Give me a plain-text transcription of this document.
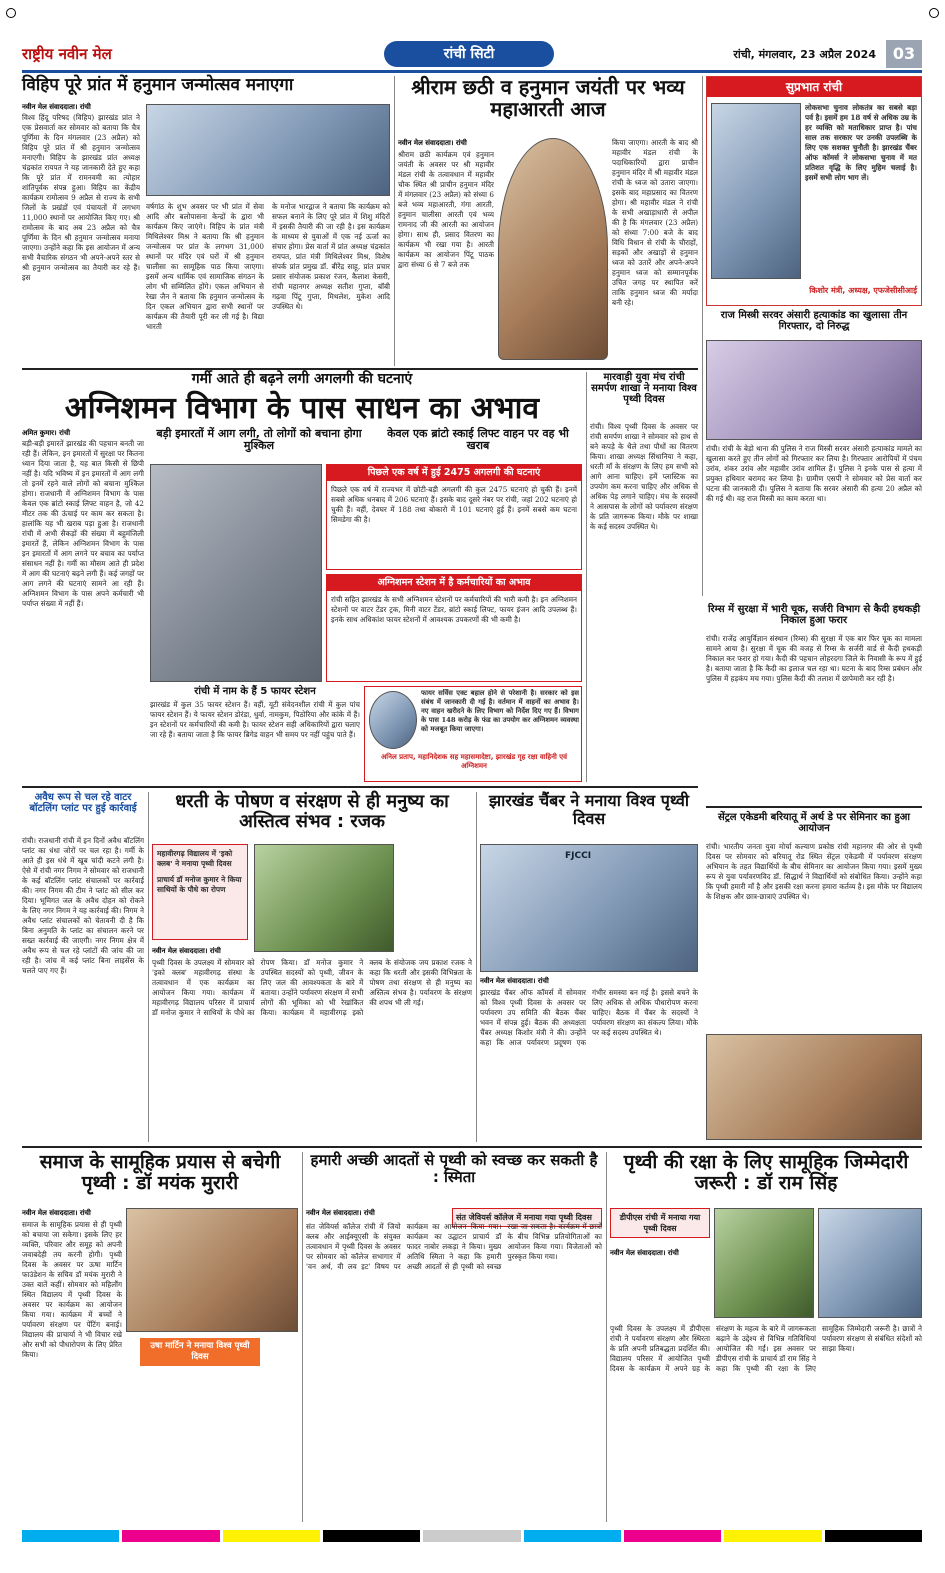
राष्ट्रीय नवीन मेल	रांची सिटी	रांची, मंगलवार, 23 अप्रैल 2024	03
विहिप पूरे प्रांत में हनुमान जन्मोत्सव मनाएगा
नवीन मेल संवाददाता। रांची
विश्व हिंदू परिषद (विहिप) झारखंड प्रांत ने एक प्रेसवार्ता कर सोमवार को बताया कि चैत्र पूर्णिमा के दिन मंगलवार (23 अप्रैल) को विहिप पूरे प्रांत में श्री हनुमान जन्मोत्सव मनाएगी। विहिप के झारखंड प्रांत अध्यक्ष चंद्रकांत रायपत ने यह जानकारी देते हुए कहा कि पूरे प्रांत में रामनवमी का त्योहार शांतिपूर्वक संपन्न हुआ। विहिप का केंद्रीय कार्यक्रम रामोत्सव 9 अप्रैल से राज्य के सभी जिलों के प्रखंडों एवं पंचायतों में लगभग 11,000 स्थानों पर आयोजित किए गए। श्री रामोत्सव के बाद अब 23 अप्रैल को चैत्र पूर्णिमा के दिन श्री हनुमान जन्मोत्सव मनाया जाएगा। उन्होंने कहा कि इस आयोजन में अन्य सभी वैचारिक संगठन भी अपने-अपने स्तर से श्री हनुमान जन्मोत्सव का तैयारी कर रहे हैं। इस
वर्षगांठ के शुभ अवसर पर भी प्रांत में सेवा आदि और बलोपासना केन्द्रों के द्वारा भी कार्यक्रम किए जाएंगे। विहिप के प्रांत मंत्री मिथिलेश्वर मिश्र ने बताया कि श्री हनुमान जन्मोत्सव पर प्रांत के लगभग 31,000 स्थानों पर मंदिर एवं घरों में श्री हनुमान चालीसा का सामूहिक पाठ किया जाएगा। इसमें अन्य धार्मिक एवं सामाजिक संगठन के लोग भी सम्मिलित होंगे। एकल अभियान से रेखा जैन ने बताया कि हनुमान जन्मोत्सव के दिन एकल अभियान द्वारा सभी स्थानों पर कार्यक्रम की तैयारी पूरी कर ली गई है। विद्या भारती
के मनोज भारद्वाज ने बताया कि कार्यक्रम को सफल बनाने के लिए पूरे प्रांत में शिशु मंदिरों में इसकी तैयारी की जा रही है। इस कार्यक्रम के माध्यम से युवाओं में एक नई ऊर्जा का संचार होगा। प्रेस वार्ता में प्रांत अध्यक्ष चंद्रकांत रायपत, प्रांत मंत्री मिथिलेश्वर मिश्र, विशेष संपर्क प्रांत प्रमुख डॉ. बीरेंद्र साहू, प्रांत प्रचार प्रसार संयोजक प्रकाश रंजन, कैलाश केसरी, रांची महानगर अध्यक्ष सतीश गुप्ता, बॉबी गढ़वा पिंटू गुप्ता, मिथलेश, मुकेश आदि उपस्थित थे।
श्रीराम छठी व हनुमान जयंती पर भव्य महाआरती आज
नवीन मेल संवाददाता। रांची
श्रीराम छठी कार्यक्रम एवं हनुमान जयंती के अवसर पर श्री महावीर मंडल रांची के तत्वावधान में महावीर चौक स्थित श्री प्राचीन हनुमान मंदिर में मंगलवार (23 अप्रैल) को संध्या 6 बजे भव्य महाआरती, गंगा आरती, हनुमान चालीसा आरती एवं भव्य रामनाद जी की आरती का आयोजन होगा। साथ ही, प्रसाद वितरण का कार्यक्रम भी रखा गया है। आरती कार्यक्रम का आयोजन पिंटू पाठक द्वारा संध्या 6 से 7 बजे तक
किया जाएगा। आरती के बाद श्री महावीर मंडल रांची के पदाधिकारियों द्वारा प्राचीन हनुमान मंदिर में श्री महावीर मंडल रांची के ध्वज को उतारा जाएगा। इसके बाद महाप्रसाद का वितरण होगा। श्री महावीर मंडल ने रांची के सभी अखाड़ाधारी से अपील की है कि मंगलवार (23 अप्रैल) को संध्या 7:00 बजे के बाद विधि विधान से रांची के चौराहों, सड़कों और अखाड़ों से हनुमान ध्वज को उतारें और अपने-अपने हनुमान ध्वज को सम्मानपूर्वक उचित जगह पर स्थापित करें ताकि हनुमान ध्वज की मर्यादा बनी रहे।
सुप्रभात रांची
लोकसभा चुनाव लोकतंत्र का सबसे बड़ा पर्व है। इसमें हम 18 वर्ष से अधिक उम्र के हर व्यक्ति को मताधिकार प्राप्त है। पांच साल तक सरकार पर उनकी उपलब्धि के लिए एक सशक्त चुनौती है। झारखंड चैंबर ऑफ कॉमर्स ने लोकसभा चुनाव में मत प्रतिशत वृद्धि के लिए मुहिम चलाई है। इसमें सभी लोग भाग लें।
किशोर मंत्री, अध्यक्ष, एफजेसीसीआई
राज मिस्त्री सरवर अंसारी हत्याकांड का खुलासा तीन गिरफ्तार, दो निरुद्ध
रांची। रांची के बेड़ो थाना की पुलिस ने राज मिस्त्री सरवर अंसारी हत्याकांड मामले का खुलासा करते हुए तीन लोगों को गिरफ्तार कर लिया है। गिरफ्तार आरोपियों में पंचम उरांव, शंकर उरांव और महावीर उरांव शामिल हैं। पुलिस ने इनके पास से हत्या में प्रयुक्त हथियार बरामद कर लिया है। ग्रामीण एसपी ने सोमवार को प्रेस वार्ता कर घटना की जानकारी दी। पुलिस ने बताया कि सरवर अंसारी की हत्या 20 अप्रैल को की गई थी। वह राज मिस्त्री का काम करता था।
गर्मी आते ही बढ़ने लगी अगलगी की घटनाएं
अग्निशमन विभाग के पास साधन का अभाव
अमित कुमार। रांची
बड़ी-बड़ी इमारतें झारखंड की पहचान बनती जा रही हैं। लेकिन, इन इमारतों में सुरक्षा पर कितना ध्यान दिया जाता है, यह बात किसी से छिपी नहीं है। यदि भविष्य में इन इमारतों में आग लगी तो इनमें रहने वाले लोगों को बचाना मुश्किल होगा। राजधानी में अग्निशमन विभाग के पास केवल एक ब्रांटो स्काई लिफ्ट वाहन है, जो 42 मीटर तक की ऊंचाई पर काम कर सकता है। हालांकि यह भी खराब पड़ा हुआ है। राजधानी रांची में अभी सैकड़ों की संख्या में बहुमंजिली इमारतें हैं, लेकिन अग्निशमन विभाग के पास इन इमारतों में आग लगने पर बचाव का पर्याप्त संसाधन नहीं है। गर्मी का मौसम आते ही प्रदेश में आग की घटनाएं बढ़ने लगी हैं। कई जगहों पर आग लगने की घटनाएं सामने आ रही हैं। अग्निशमन विभाग के पास अपने कर्मचारी भी पर्याप्त संख्या में नहीं हैं।
बड़ी इमारतों में आग लगी, तो लोगों को बचाना होगा मुश्किल
केवल एक ब्रांटो स्काई लिफ्ट वाहन पर वह भी खराब
पिछले एक वर्ष में हुई 2475 अगलगी की घटनाएं
पिछले एक वर्ष में राज्यभर में छोटी-बड़ी अगलगी की कुल 2475 घटनाएं हो चुकी हैं। इनमें सबसे अधिक धनबाद में 206 घटनाएं हैं। इसके बाद दूसरे नंबर पर रांची, जहां 202 घटनाएं हो चुकी हैं। वहीं, देवघर में 188 तथा बोकारो में 101 घटनाएं हुई हैं। इनमें सबसे कम घटना सिमडेगा की है।
अग्निशमन स्टेशन में है कर्मचारियों का अभाव
रांची सहित झारखंड के सभी अग्निशमन स्टेशनों पर कर्मचारियों की भारी कमी है। इन अग्निशमन स्टेशनों पर वाटर टेंडर ट्रक, मिनी वाटर टेंडर, ब्रांटो स्काई लिफ्ट, फायर इंजन आदि उपलब्ध हैं। इनके साथ अधिकांश फायर स्टेशनों में आवश्यक उपकरणों की भी कमी है।
रांची में नाम के हैं 5 फायर स्टेशन
झारखंड में कुल 35 फायर स्टेशन हैं। वहीं, यूटी संवेदनशील रांची में कुल पांच फायर स्टेशन हैं। ये फायर स्टेशन डोरंडा, धुर्वा, नामकुम, पिठोरिया और कांके में हैं। इन स्टेशनों पर कर्मचारियों की कमी है। फायर स्टेशन सही अधिकारियों द्वारा चलाए जा रहे हैं। बताया जाता है कि फायर ब्रिगेड वाहन भी समय पर नहीं पहुंच पाते हैं।
फायर सर्विस एक्ट बहाल होने से परेशानी है। सरकार को इस संबंध में जानकारी दी गई है। वर्तमान में वाहनों का अभाव है। नए वाहन खरीदने के लिए विभाग को निर्देश दिए गए हैं। विभाग के पास 148 करोड़ के फंड का उपयोग कर अग्निशमन व्यवस्था को मजबूत किया जाएगा।
अनिल प्रताप, महानिदेशक सह महासमादेष्टा, झारखंड गृह रक्षा वाहिनी एवं अग्निशमन
मारवाड़ी युवा मंच रांची समर्पण शाखा ने मनाया विश्व पृथ्वी दिवस
रांची। विश्व पृथ्वी दिवस के अवसर पर रांची समर्पण शाखा ने सोमवार को हाथ से बने कपड़े के थैले तथा पौधों का वितरण किया। शाखा अध्यक्ष सिंधानिया ने कहा, धरती माँ के संरक्षण के लिए हम सभी को आगे आना चाहिए। हमें प्लास्टिक का उपयोग कम करना चाहिए और अधिक से अधिक पेड़ लगाने चाहिए। मंच के सदस्यों ने आसपास के लोगों को पर्यावरण संरक्षण के प्रति जागरूक किया। मौके पर शाखा के कई सदस्य उपस्थित थे।
रिम्स में सुरक्षा में भारी चूक, सर्जरी विभाग से कैदी हथकड़ी निकाल हुआ फरार
रांची। राजेंद्र आयुर्विज्ञान संस्थान (रिम्स) की सुरक्षा में एक बार फिर चूक का मामला सामने आया है। सुरक्षा में चूक की वजह से रिम्स के सर्जरी वार्ड से कैदी हथकड़ी निकाल कर फरार हो गया। कैदी की पहचान लोहरदगा जिले के निवासी के रूप में हुई है। बताया जाता है कि कैदी का इलाज चल रहा था। घटना के बाद रिम्स प्रबंधन और पुलिस में हड़कंप मच गया। पुलिस कैदी की तलाश में छापेमारी कर रही है।
अवैध रूप से चल रहे वाटर बॉटलिंग प्लांट पर हुई कार्रवाई
रांची। राजधानी रांची में इन दिनों अवैध बॉटलिंग प्लांट का धंधा जोरों पर चल रहा है। गर्मी के आते ही इस धंधे में खूब चांदी कटने लगी है। ऐसे में रांची नगर निगम ने सोमवार को राजधानी के कई बॉटलिंग प्लांट संचालकों पर कार्रवाई की। नगर निगम की टीम ने प्लांट को सील कर दिया। भूमिगत जल के अवैध दोहन को रोकने के लिए नगर निगम ने यह कार्रवाई की। निगम ने अवैध प्लांट संचालकों को चेतावनी दी है कि बिना अनुमति के प्लांट का संचालन करने पर सख्त कार्रवाई की जाएगी। नगर निगम क्षेत्र में अवैध रूप से चल रहे प्लांटों की जांच की जा रही है। जांच में कई प्लांट बिना लाइसेंस के चलते पाए गए हैं।
धरती के पोषण व संरक्षण से ही मनुष्य का अस्तित्व संभव : रजक
महावीरगढ़ विद्यालय में 'इको क्लब' ने मनाया पृथ्वी दिवस
प्राचार्य डॉ मनोज कुमार ने किया साथियों के पौधे का रोपण
नवीन मेल संवाददाता। रांची
पृथ्वी दिवस के उपलक्ष्य में सोमवार को 'इको क्लब' महावीरगढ़ संस्था के तत्वावधान में एक कार्यक्रम का आयोजन किया गया। कार्यक्रम में महावीरगढ़ विद्यालय परिसर में प्राचार्य डॉ मनोज कुमार ने साथियों के पौधे का रोपण किया। डॉ मनोज कुमार ने उपस्थित सदस्यों को पृथ्वी, जीवन के लिए जल की आवश्यकता के बारे में बताया। उन्होंने पर्यावरण संरक्षण में सभी लोगों की भूमिका को भी रेखांकित किया। कार्यक्रम में महावीरगढ़ इको क्लब के संयोजक जय प्रकाश रजक ने कहा कि धरती और इसकी विभिन्नता के पोषण तथा संरक्षण से ही मनुष्य का अस्तित्व संभव है। पर्यावरण के संरक्षण की शपथ भी ली गई।
झारखंड चैंबर ने मनाया विश्व पृथ्वी दिवस
FJCCI
नवीन मेल संवाददाता। रांची
झारखंड चैंबर ऑफ कॉमर्स में सोमवार को विश्व पृथ्वी दिवस के अवसर पर पर्यावरण उप समिति की बैठक चैंबर भवन में संपन्न हुई। बैठक की अध्यक्षता चैंबर अध्यक्ष किशोर मंत्री ने की। उन्होंने कहा कि आज पर्यावरण प्रदूषण एक गंभीर समस्या बन गई है। इससे बचने के लिए अधिक से अधिक पौधारोपण करना चाहिए। बैठक में चैंबर के सदस्यों ने पर्यावरण संरक्षण का संकल्प लिया। मौके पर कई सदस्य उपस्थित थे।
सेंट्रल एकेडमी बरियातू में अर्थ डे पर सेमिनार का हुआ आयोजन
रांची। भारतीय जनता युवा मोर्चा कल्याण प्रकोष्ठ रांची महानगर की ओर से पृथ्वी दिवस पर सोमवार को बरियातू रोड स्थित सेंट्रल एकेडमी में पर्यावरण संरक्षण अभियान के तहत विद्यार्थियों के बीच सेमिनार का आयोजन किया गया। इसमें मुख्य रूप से युवा पर्यावरणविद डॉ. सिद्धार्थ ने विद्यार्थियों को संबोधित किया। उन्होंने कहा कि पृथ्वी हमारी माँ है और इसकी रक्षा करना हमारा कर्तव्य है। इस मौके पर विद्यालय के शिक्षक और छात्र-छात्राएं उपस्थित थे।
समाज के सामूहिक प्रयास से बचेगी पृथ्वी : डॉ मयंक मुरारी
नवीन मेल संवाददाता। रांची
उषा मार्टिन ने मनाया विश्व पृथ्वी दिवस
समाज के सामूहिक प्रयास से ही पृथ्वी को बचाया जा सकेगा। इसके लिए हर व्यक्ति, परिवार और समूह को अपनी जवाबदेही तय करनी होगी। पृथ्वी दिवस के अवसर पर ऊषा मार्टिन फाउंडेशन के सचिव डॉ मयंक मुरारी ने उक्त बातें कहीं। सोमवार को महिलौंग स्थित विद्यालय में पृथ्वी दिवस के अवसर पर कार्यक्रम का आयोजन किया गया। कार्यक्रम में बच्चों ने पर्यावरण संरक्षण पर पेंटिंग बनाई। विद्यालय की प्राचार्या ने भी विचार रखे और सभी को पौधारोपण के लिए प्रेरित किया।
हमारी अच्छी आदतों से पृथ्वी को स्वच्छ कर सकती है : स्मिता
नवीन मेल संवाददाता। रांची	संत जेवियर्स कॉलेज में मनाया गया पृथ्वी दिवस
संत जेवियर्स कॉलेज रांची में जियो क्लब और आईक्यूएसी के संयुक्त तत्वावधान में पृथ्वी दिवस के अवसर पर सोमवार को कॉलेज सभागार में 'वन अर्थ, वी लव इट' विषय पर कार्यक्रम का आयोजन किया गया। कार्यक्रम का उद्घाटन प्राचार्य डॉ फादर नाबोर लकड़ा ने किया। मुख्य अतिथि स्मिता ने कहा कि हमारी अच्छी आदतों से ही पृथ्वी को स्वच्छ रखा जा सकता है। कार्यक्रम में छात्रों के बीच विभिन्न प्रतियोगिताओं का आयोजन किया गया। विजेताओं को पुरस्कृत किया गया।
पृथ्वी की रक्षा के लिए सामूहिक जिम्मेदारी जरूरी : डॉ राम सिंह
डीपीएस रांची में मनाया गया पृथ्वी दिवस
नवीन मेल संवाददाता। रांची
पृथ्वी दिवस के उपलक्ष्य में डीपीएस रांची ने पर्यावरण संरक्षण और स्थिरता के प्रति अपनी प्रतिबद्धता प्रदर्शित की। विद्यालय परिसर में आयोजित पृथ्वी दिवस के कार्यक्रम में अपने ग्रह के संरक्षण के महत्व के बारे में जागरूकता बढ़ाने के उद्देश्य से विभिन्न गतिविधियां आयोजित की गईं। इस अवसर पर डीपीएस रांची के प्राचार्य डॉ राम सिंह ने कहा कि पृथ्वी की रक्षा के लिए सामूहिक जिम्मेदारी जरूरी है। छात्रों ने पर्यावरण संरक्षण से संबंधित संदेशों को साझा किया।
